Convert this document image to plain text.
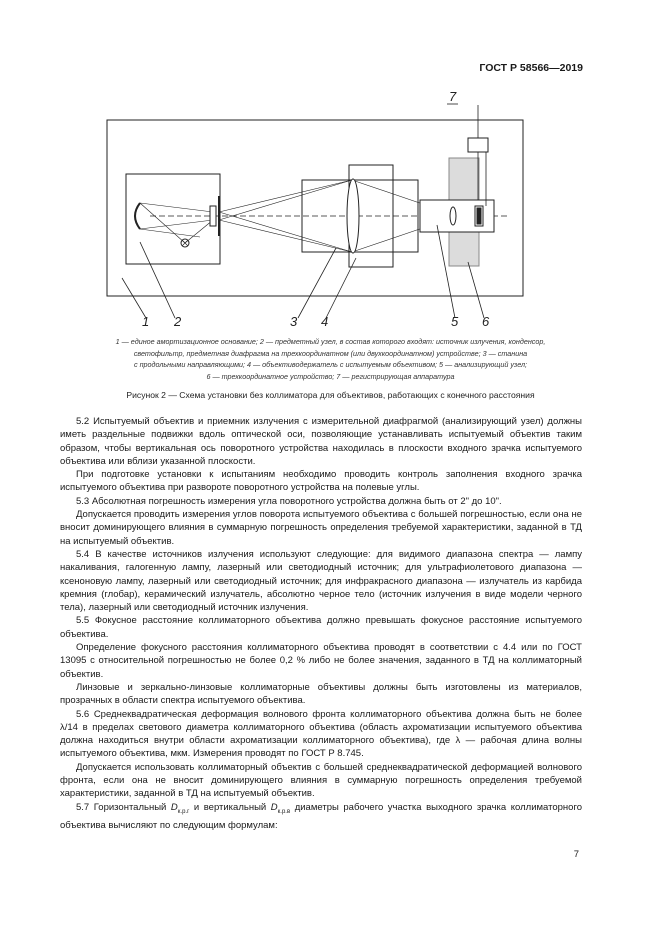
ГОСТ Р 58566—2019
1 2	3 4	5 6
7
1 — единое амортизационное основание; 2 — предметный узел, в состав которого входят: источник излучения, конденсор,
светофильтр, предметная диафрагма на трехкоординатном (или двухкоординатном) устройстве; 3 — станина
с продольными направляющими; 4 — объективодержатель с испытуемым объективом; 5 — анализирующий узел;
6 — трехкоординатное устройство; 7 — регистрирующая аппаратура
Рисунок 2 — Схема установки без коллиматора для объективов, работающих с конечного расстояния

5.2 Испытуемый объектив и приемник излучения с измерительной диафрагмой (анализирующий узел) должны иметь раздельные подвижки вдоль оптической оси, позволяющие устанавливать испытуемый объектив таким образом, чтобы вертикальная ось поворотного устройства находилась в плоскости входного зрачка испытуемого объектива или вблизи указанной плоскости.

При подготовке установки к испытаниям необходимо проводить контроль заполнения входного зрачка испытуемого объектива при развороте поворотного устройства на полевые углы.

5.3 Абсолютная погрешность измерения угла поворотного устройства должна быть от 2" до 10".

Допускается проводить измерения углов поворота испытуемого объектива с большей погрешностью, если она не вносит доминирующего влияния в суммарную погрешность определения требуемой характеристики, заданной в ТД на испытуемый объектив.

5.4 В качестве источников излучения используют следующие: для видимого диапазона спектра — лампу накаливания, галогенную лампу, лазерный или светодиодный источник; для ультрафиолетового диапазона — ксеноновую лампу, лазерный или светодиодный источник; для инфракрасного диапазона — излучатель из карбида кремния (глобар), керамический излучатель, абсолютно черное тело (источник излучения в виде модели черного тела), лазерный или светодиодный источник излучения.

5.5 Фокусное расстояние коллиматорного объектива должно превышать фокусное расстояние испытуемого объектива.

Определение фокусного расстояния коллиматорного объектива проводят в соответствии с 4.4 или по ГОСТ 13095 с относительной погрешностью не более 0,2 % либо не более значения, заданного в ТД на коллиматорный объектив.

Линзовые и зеркально-линзовые коллиматорные объективы должны быть изготовлены из материалов, прозрачных в области спектра испытуемого объектива.

5.6 Среднеквадратическая деформация волнового фронта коллиматорного объектива должна быть не более λ/14 в пределах светового диаметра коллиматорного объектива (область ахроматизации испытуемого объектива должна находиться внутри области ахроматизации коллиматорного объектива), где λ — рабочая длина волны испытуемого объектива, мкм. Измерения проводят по ГОСТ Р 8.745.

Допускается использовать коллиматорный объектив с большей среднеквадратической деформацией волнового фронта, если она не вносит доминирующего влияния в суммарную погрешность определения требуемой характеристики, заданной в ТД на испытуемый объектив.

5.7 Горизонтальный $D_{к.р.г}$ и вертикальный $D_{к.р.в}$ диаметры рабочего участка выходного зрачка коллиматорного объектива вычисляют по следующим формулам:

7
